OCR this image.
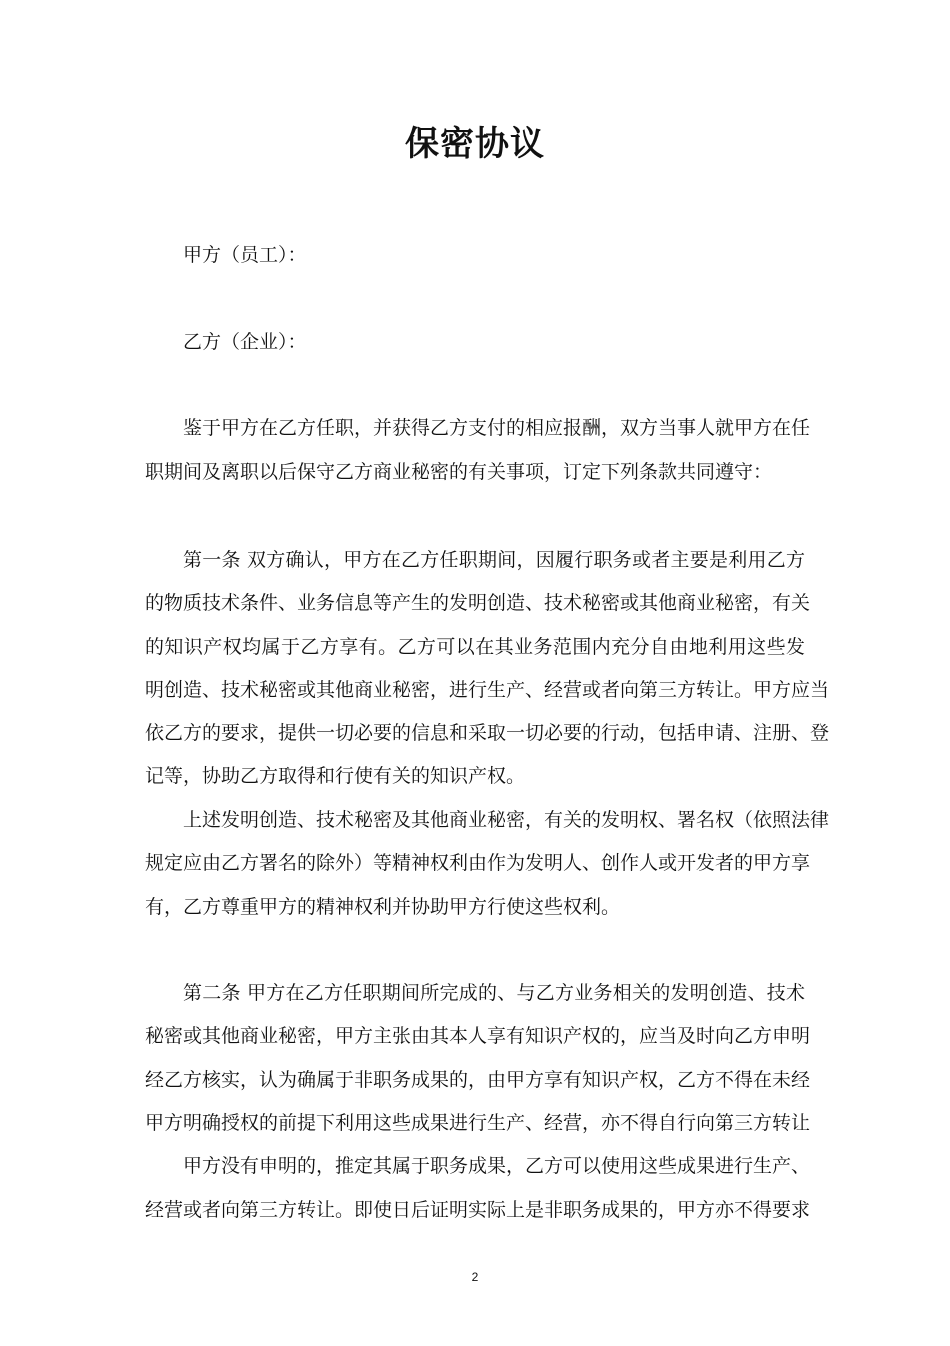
保密协议
甲方（员工）：
乙方（企业）：
鉴于甲方在乙方任职，并获得乙方支付的相应报酬，双方当事人就甲方在任
职期间及离职以后保守乙方商业秘密的有关事项，订定下列条款共同遵守：
第一条 双方确认，甲方在乙方任职期间，因履行职务或者主要是利用乙方
的物质技术条件、业务信息等产生的发明创造、技术秘密或其他商业秘密，有关
的知识产权均属于乙方享有。乙方可以在其业务范围内充分自由地利用这些发
明创造、技术秘密或其他商业秘密，进行生产、经营或者向第三方转让。甲方应当
依乙方的要求，提供一切必要的信息和采取一切必要的行动，包括申请、注册、登
记等，协助乙方取得和行使有关的知识产权。
上述发明创造、技术秘密及其他商业秘密，有关的发明权、署名权（依照法律
规定应由乙方署名的除外）等精神权利由作为发明人、创作人或开发者的甲方享
有，乙方尊重甲方的精神权利并协助甲方行使这些权利。
第二条 甲方在乙方任职期间所完成的、与乙方业务相关的发明创造、技术
秘密或其他商业秘密，甲方主张由其本人享有知识产权的，应当及时向乙方申明
经乙方核实，认为确属于非职务成果的，由甲方享有知识产权，乙方不得在未经
甲方明确授权的前提下利用这些成果进行生产、经营，亦不得自行向第三方转让
甲方没有申明的，推定其属于职务成果，乙方可以使用这些成果进行生产、
经营或者向第三方转让。即使日后证明实际上是非职务成果的，甲方亦不得要求
2
